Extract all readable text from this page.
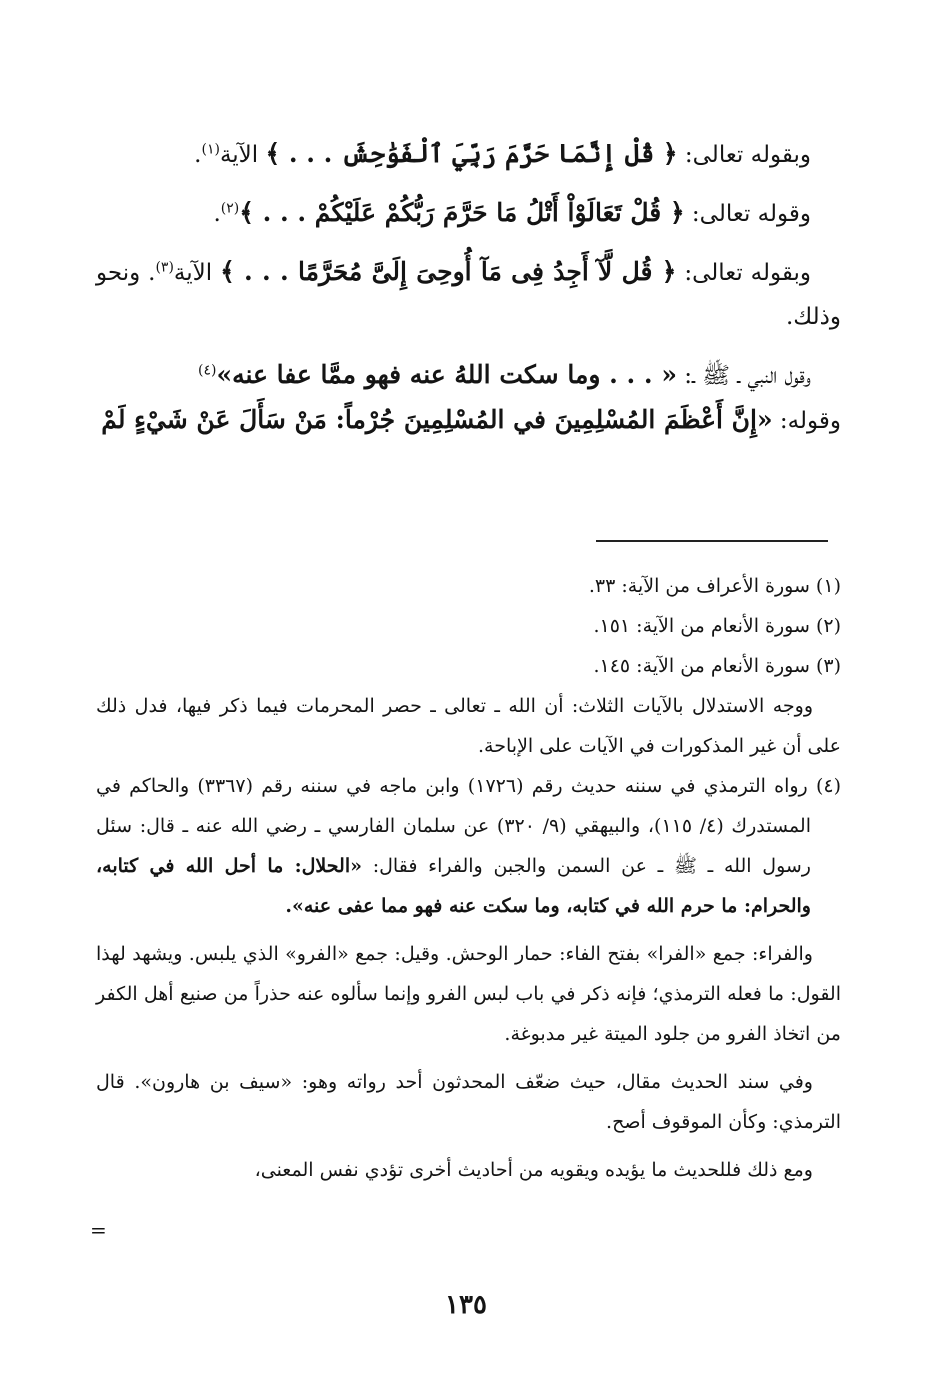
وبقوله تعالى: ﴿ قُلْ إِنَّمَا حَرَّمَ رَبِّيَ ٱلْفَوَٰحِشَ . . . ﴾ الآية$^{(١)}$.

وقوله تعالى: ﴿ قُلْ تَعَالَوْاْ أَتْلُ مَا حَرَّمَ رَبُّكُمْ عَلَيْكُمْ . . . ﴾$^{(٢)}$.

وبقوله تعالى: ﴿ قُل لَّآ أَجِدُ فِى مَآ أُوحِىَ إِلَىَّ مُحَرَّمًا . . . ﴾ الآية$^{(٣)}$. ونحو وذلك.

وقول النبي ـ ﷺ ـ: « . . . وما سكت اللهُ عنه فهو ممَّا عفا عنه»$^{(٤)}$

وقوله: «إِنَّ أَعْظَمَ المُسْلِمِينَ في المُسْلِمِينَ جُرْماً: مَنْ سَأَلَ عَنْ شَيْءٍ لَمْ

(١) سورة الأعراف من الآية: ٣٣.

(٢) سورة الأنعام من الآية: ١٥١.

(٣) سورة الأنعام من الآية: ١٤٥.

ووجه الاستدلال بالآيات الثلاث: أن الله ـ تعالى ـ حصر المحرمات فيما ذكر فيها، فدل ذلك على أن غير المذكورات في الآيات على الإباحة.

(٤) رواه الترمذي في سننه حديث رقم (١٧٢٦) وابن ماجه في سننه رقم (٣٣٦٧) والحاكم في المستدرك (٤/ ١١٥)، والبيهقي (٩/ ٣٢٠) عن سلمان الفارسي ـ رضي الله عنه ـ قال: سئل رسول الله ـ ﷺ ـ عن السمن والجبن والفراء فقال: «الحلال: ما أحل الله في كتابه، والحرام: ما حرم الله في كتابه، وما سكت عنه فهو مما عفى عنه».

والفراء: جمع «الفرا» بفتح الفاء: حمار الوحش. وقيل: جمع «الفرو» الذي يلبس. ويشهد لهذا القول: ما فعله الترمذي؛ فإنه ذكر في باب لبس الفرو وإنما سألوه عنه حذراً من صنيع أهل الكفر من اتخاذ الفرو من جلود الميتة غير مدبوغة.

وفي سند الحديث مقال، حيث ضعّف المحدثون أحد رواته وهو: «سيف بن هارون». قال الترمذي: وكأن الموقوف أصح.

ومع ذلك فللحديث ما يؤيده ويقويه من أحاديث أخرى تؤدي نفس المعنى،

=
١٣٥
